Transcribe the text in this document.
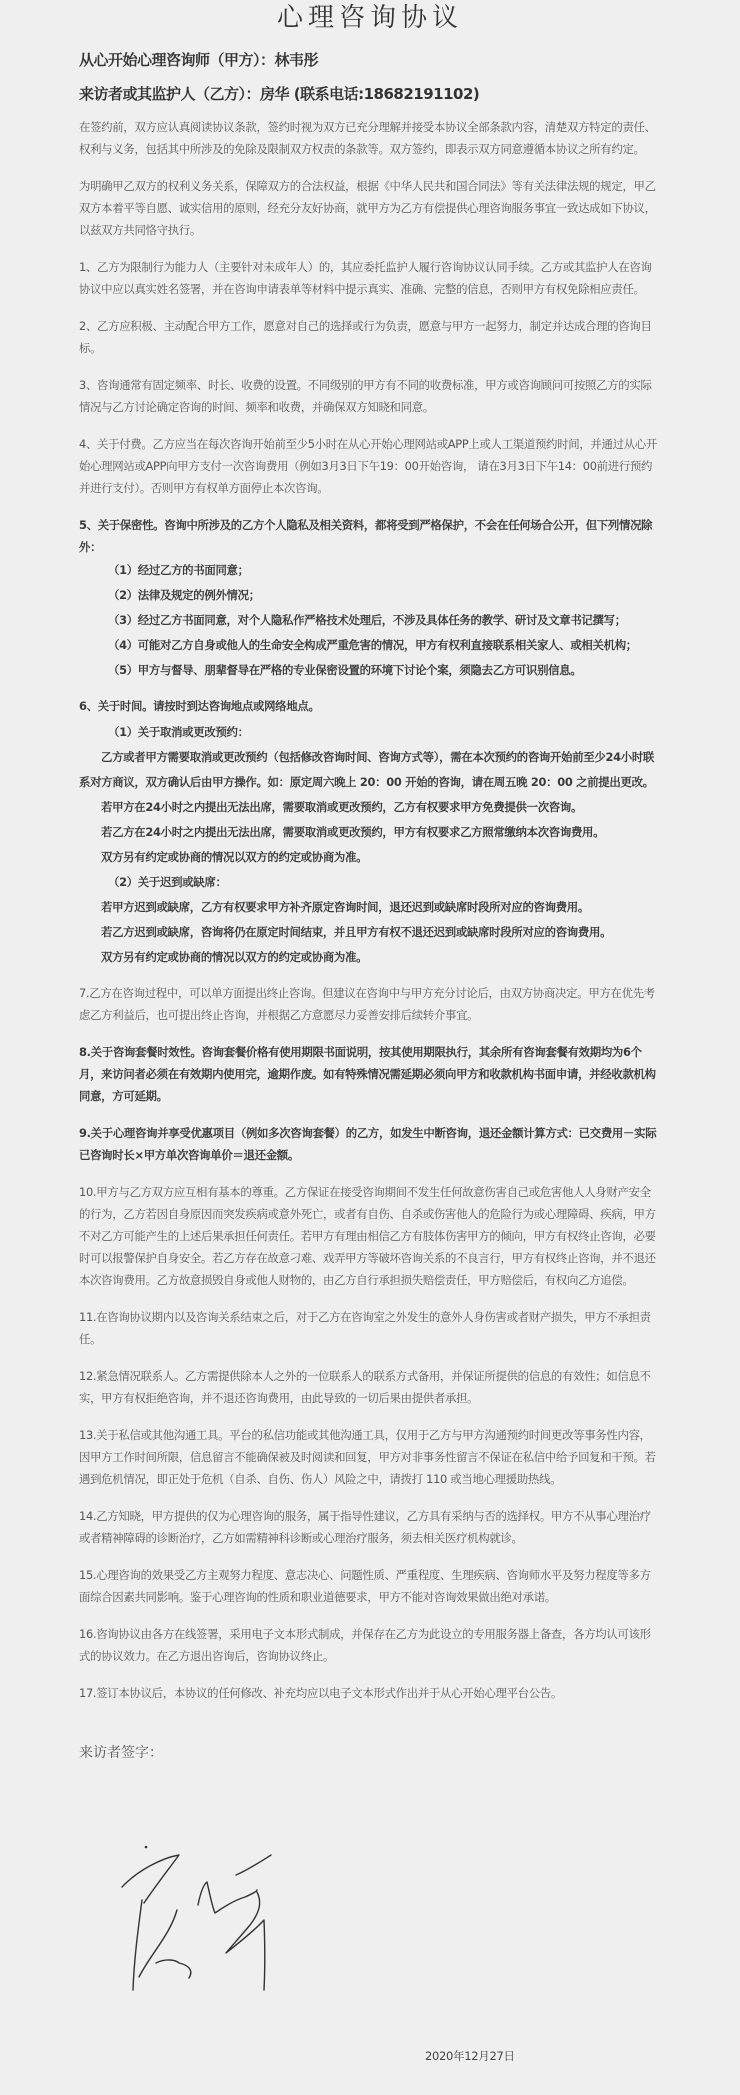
心理咨询协议
从心开始心理咨询师（甲方）：林韦彤
来访者或其监护人（乙方）：房华 (联系电话:18682191102)

在签约前，双方应认真阅读协议条款，签约时视为双方已充分理解并接受本协议全部条款内容，清楚双方特定的责任、权利与义务，包括其中所涉及的免除及限制双方权责的条款等。双方签约，即表示双方同意遵循本协议之所有约定。

为明确甲乙双方的权利义务关系，保障双方的合法权益，根据《中华人民共和国合同法》等有关法律法规的规定，甲乙双方本着平等自愿、诚实信用的原则，经充分友好协商，就甲方为乙方有偿提供心理咨询服务事宜一致达成如下协议，以兹双方共同恪守执行。

1、乙方为限制行为能力人（主要针对未成年人）的，其应委托监护人履行咨询协议认同手续。乙方或其监护人在咨询协议中应以真实姓名签署，并在咨询申请表单等材料中提示真实、准确、完整的信息，否则甲方有权免除相应责任。

2、乙方应积极、主动配合甲方工作，愿意对自己的选择或行为负责，愿意与甲方一起努力，制定并达成合理的咨询目标。

3、咨询通常有固定频率、时长、收费的设置。不同级别的甲方有不同的收费标准，甲方或咨询顾问可按照乙方的实际情况与乙方讨论确定咨询的时间、频率和收费，并确保双方知晓和同意。

4、关于付费。乙方应当在每次咨询开始前至少5小时在从心开始心理网站或APP上或人工渠道预约时间，并通过从心开始心理网站或APP向甲方支付一次咨询费用（例如3月3日下午19：00开始咨询， 请在3月3日下午14：00前进行预约并进行支付）。否则甲方有权单方面停止本次咨询。

5、关于保密性。咨询中所涉及的乙方个人隐私及相关资料，都将受到严格保护，不会在任何场合公开，但下列情况除外：

（1）经过乙方的书面同意；

（2）法律及规定的例外情况；

（3）经过乙方书面同意，对个人隐私作严格技术处理后，不涉及具体任务的教学、研讨及文章书记撰写；

（4）可能对乙方自身或他人的生命安全构成严重危害的情况，甲方有权利直接联系相关家人、或相关机构；

（5）甲方与督导、朋辈督导在严格的专业保密设置的环境下讨论个案，须隐去乙方可识别信息。

6、关于时间。请按时到达咨询地点或网络地点。

（1）关于取消或更改预约：

乙方或者甲方需要取消或更改预约（包括修改咨询时间、咨询方式等），需在本次预约的咨询开始前至少24小时联系对方商议，双方确认后由甲方操作。如：原定周六晚上 20：00 开始的咨询，请在周五晚 20：00 之前提出更改。

若甲方在24小时之内提出无法出席，需要取消或更改预约，乙方有权要求甲方免费提供一次咨询。

若乙方在24小时之内提出无法出席，需要取消或更改预约，甲方有权要求乙方照常缴纳本次咨询费用。

双方另有约定或协商的情况以双方的约定或协商为准。

（2）关于迟到或缺席：

若甲方迟到或缺席，乙方有权要求甲方补齐原定咨询时间，退还迟到或缺席时段所对应的咨询费用。

若乙方迟到或缺席，咨询将仍在原定时间结束，并且甲方有权不退还迟到或缺席时段所对应的咨询费用。

双方另有约定或协商的情况以双方的约定或协商为准。

7.乙方在咨询过程中，可以单方面提出终止咨询。但建议在咨询中与甲方充分讨论后，由双方协商决定。甲方在优先考虑乙方利益后，也可提出终止咨询，并根据乙方意愿尽力妥善安排后续转介事宜。

8.关于咨询套餐时效性。咨询套餐价格有使用期限书面说明，按其使用期限执行，其余所有咨询套餐有效期均为6个月，来访问者必须在有效期内使用完，逾期作废。如有特殊情况需延期必须向甲方和收款机构书面申请，并经收款机构同意，方可延期。

9.关于心理咨询并享受优惠项目（例如多次咨询套餐）的乙方，如发生中断咨询，退还金额计算方式：已交费用－实际已咨询时长×甲方单次咨询单价＝退还金额。

10.甲方与乙方双方应互相有基本的尊重。乙方保证在接受咨询期间不发生任何故意伤害自己或危害他人人身财产安全的行为，乙方若因自身原因而突发疾病或意外死亡，或者有自伤、自杀或伤害他人的危险行为或心理障碍、疾病，甲方不对乙方可能产生的上述后果承担任何责任。若甲方有理由相信乙方有肢体伤害甲方的倾向，甲方有权终止咨询，必要时可以报警保护自身安全。若乙方存在故意刁难、戏弄甲方等破坏咨询关系的不良言行，甲方有权终止咨询，并不退还本次咨询费用。乙方故意损毁自身或他人财物的，由乙方自行承担损失赔偿责任，甲方赔偿后，有权向乙方追偿。

11.在咨询协议期内以及咨询关系结束之后，对于乙方在咨询室之外发生的意外人身伤害或者财产损失，甲方不承担责任。

12.紧急情况联系人。乙方需提供除本人之外的一位联系人的联系方式备用，并保证所提供的信息的有效性；如信息不实，甲方有权拒绝咨询，并不退还咨询费用，由此导致的一切后果由提供者承担。

13.关于私信或其他沟通工具。平台的私信功能或其他沟通工具，仅用于乙方与甲方沟通预约时间更改等事务性内容，因甲方工作时间所限，信息留言不能确保被及时阅读和回复，甲方对非事务性留言不保证在私信中给予回复和干预。若遇到危机情况，即正处于危机（自杀、自伤、伤人）风险之中，请拨打 110 或当地心理援助热线。

14.乙方知晓，甲方提供的仅为心理咨询的服务，属于指导性建议，乙方具有采纳与否的选择权。甲方不从事心理治疗或者精神障碍的诊断治疗，乙方如需精神科诊断或心理治疗服务，须去相关医疗机构就诊。

15.心理咨询的效果受乙方主观努力程度、意志决心、问题性质、严重程度、生理疾病、咨询师水平及努力程度等多方面综合因素共同影响。鉴于心理咨询的性质和职业道德要求，甲方不能对咨询效果做出绝对承诺。

16.咨询协议由各方在线签署，采用电子文本形式制成，并保存在乙方为此设立的专用服务器上备查，各方均认可该形式的协议效力。在乙方退出咨询后，咨询协议终止。

17.签订本协议后，本协议的任何修改、补充均应以电子文本形式作出并于从心开始心理平台公告。

来访者签字：
2020年12月27日
